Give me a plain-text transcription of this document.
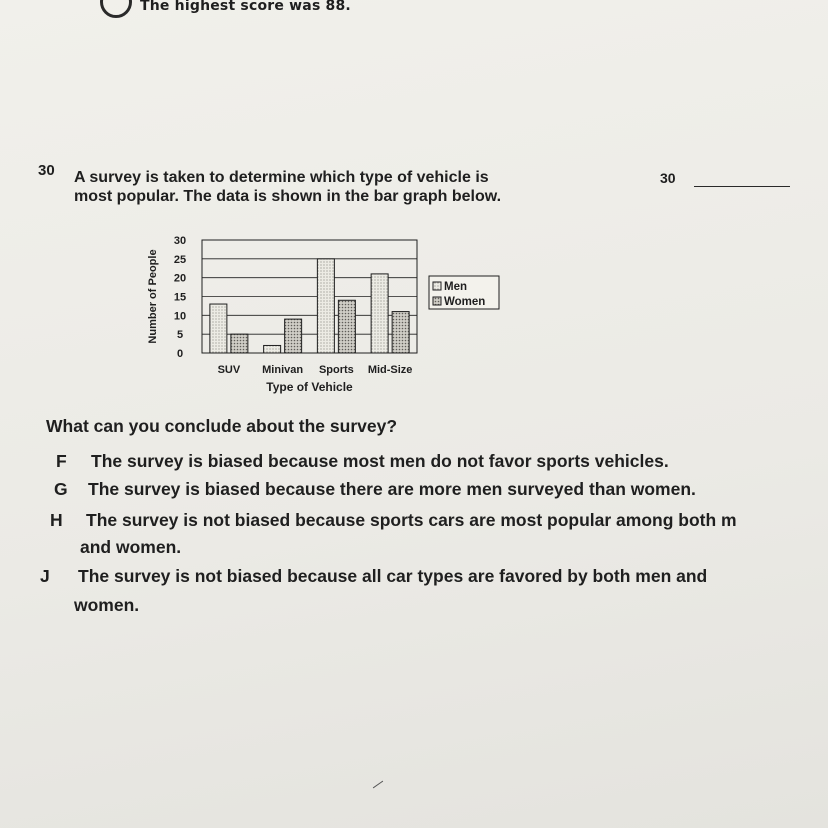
The highest score was 88.
30 A survey is taken to determine which type of vehicle is
most popular. The data is shown in the bar graph below.
30
30
25
20
15
10
5
0
Number of People
SUV Minivan Sports Mid-Size
Type of Vehicle
Men
Women
What can you conclude about the survey?
F The survey is biased because most men do not favor sports vehicles.
G The survey is biased because there are more men surveyed than women.
H The survey is not biased because sports cars are most popular among both m
and women.
J The survey is not biased because all car types are favored by both men and
women.
